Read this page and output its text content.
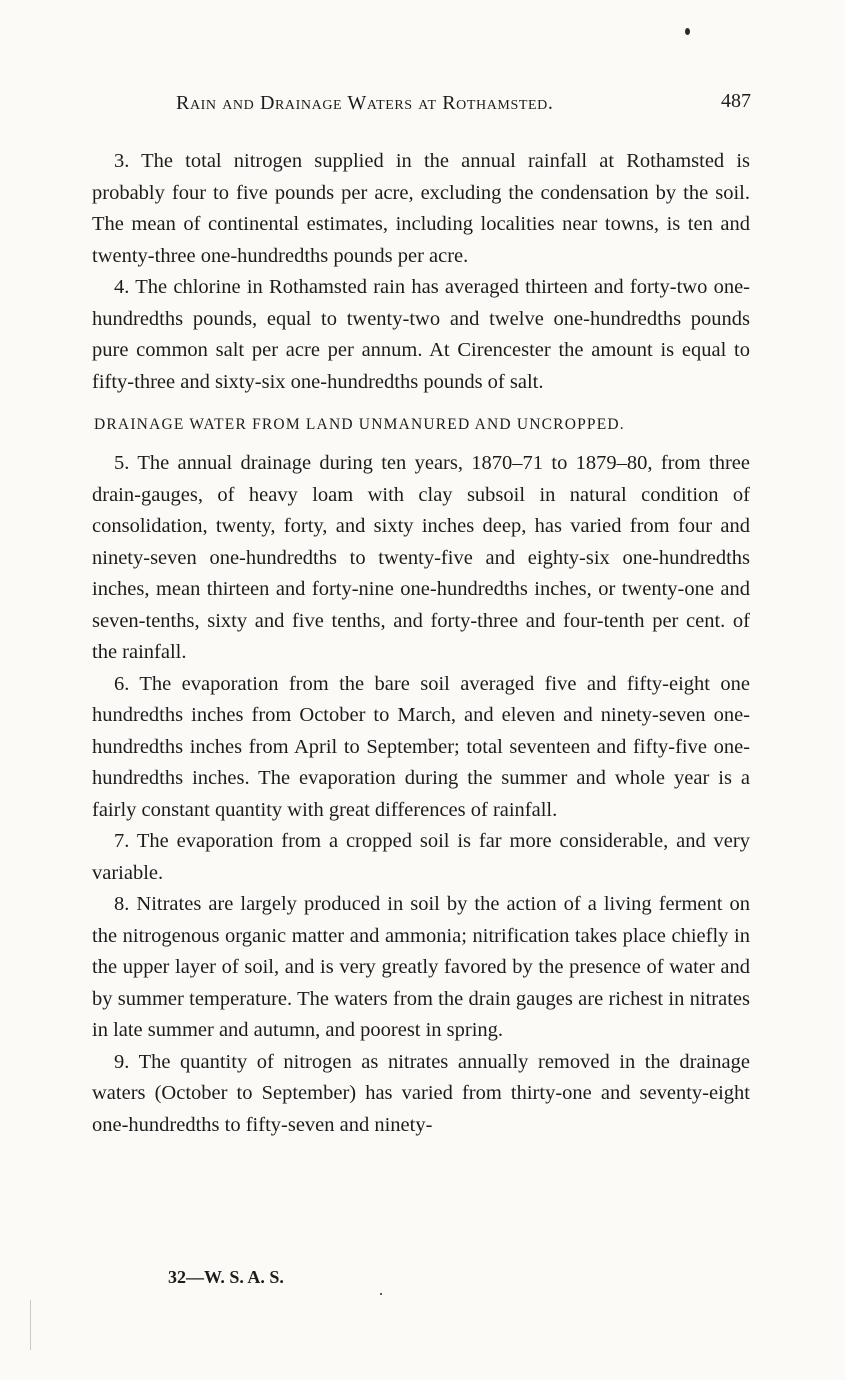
Rain and Drainage Waters at Rothamsted.	487

3. The total nitrogen supplied in the annual rainfall at Rothamsted is probably four to five pounds per acre, excluding the condensation by the soil. The mean of continental estimates, including localities near towns, is ten and twenty-three one-hundredths pounds per acre.

4. The chlorine in Rothamsted rain has averaged thirteen and forty-two one-hundredths pounds, equal to twenty-two and twelve one-hundredths pounds pure common salt per acre per annum. At Cirencester the amount is equal to fifty-three and sixty-six one-hundredths pounds of salt.

DRAINAGE WATER FROM LAND UNMANURED AND UNCROPPED.

5. The annual drainage during ten years, 1870–71 to 1879–80, from three drain-gauges, of heavy loam with clay subsoil in natural condition of consolidation, twenty, forty, and sixty inches deep, has varied from four and ninety-seven one-hundredths to twenty-five and eighty-six one-hundredths inches, mean thirteen and forty-nine one-hundredths inches, or twenty-one and seven-tenths, sixty and five tenths, and forty-three and four-tenth per cent. of the rainfall.

6. The evaporation from the bare soil averaged five and fifty-eight one hundredths inches from October to March, and eleven and ninety-seven one-hundredths inches from April to September; total seventeen and fifty-five one-hundredths inches. The evaporation during the summer and whole year is a fairly constant quantity with great differences of rainfall.

7. The evaporation from a cropped soil is far more considerable, and very variable.

8. Nitrates are largely produced in soil by the action of a living ferment on the nitrogenous organic matter and ammonia; nitrification takes place chiefly in the upper layer of soil, and is very greatly favored by the presence of water and by summer temperature. The waters from the drain gauges are richest in nitrates in late summer and autumn, and poorest in spring.

9. The quantity of nitrogen as nitrates annually removed in the drainage waters (October to September) has varied from thirty-one and seventy-eight one-hundredths to fifty-seven and ninety-

32—W. S. A. S.
